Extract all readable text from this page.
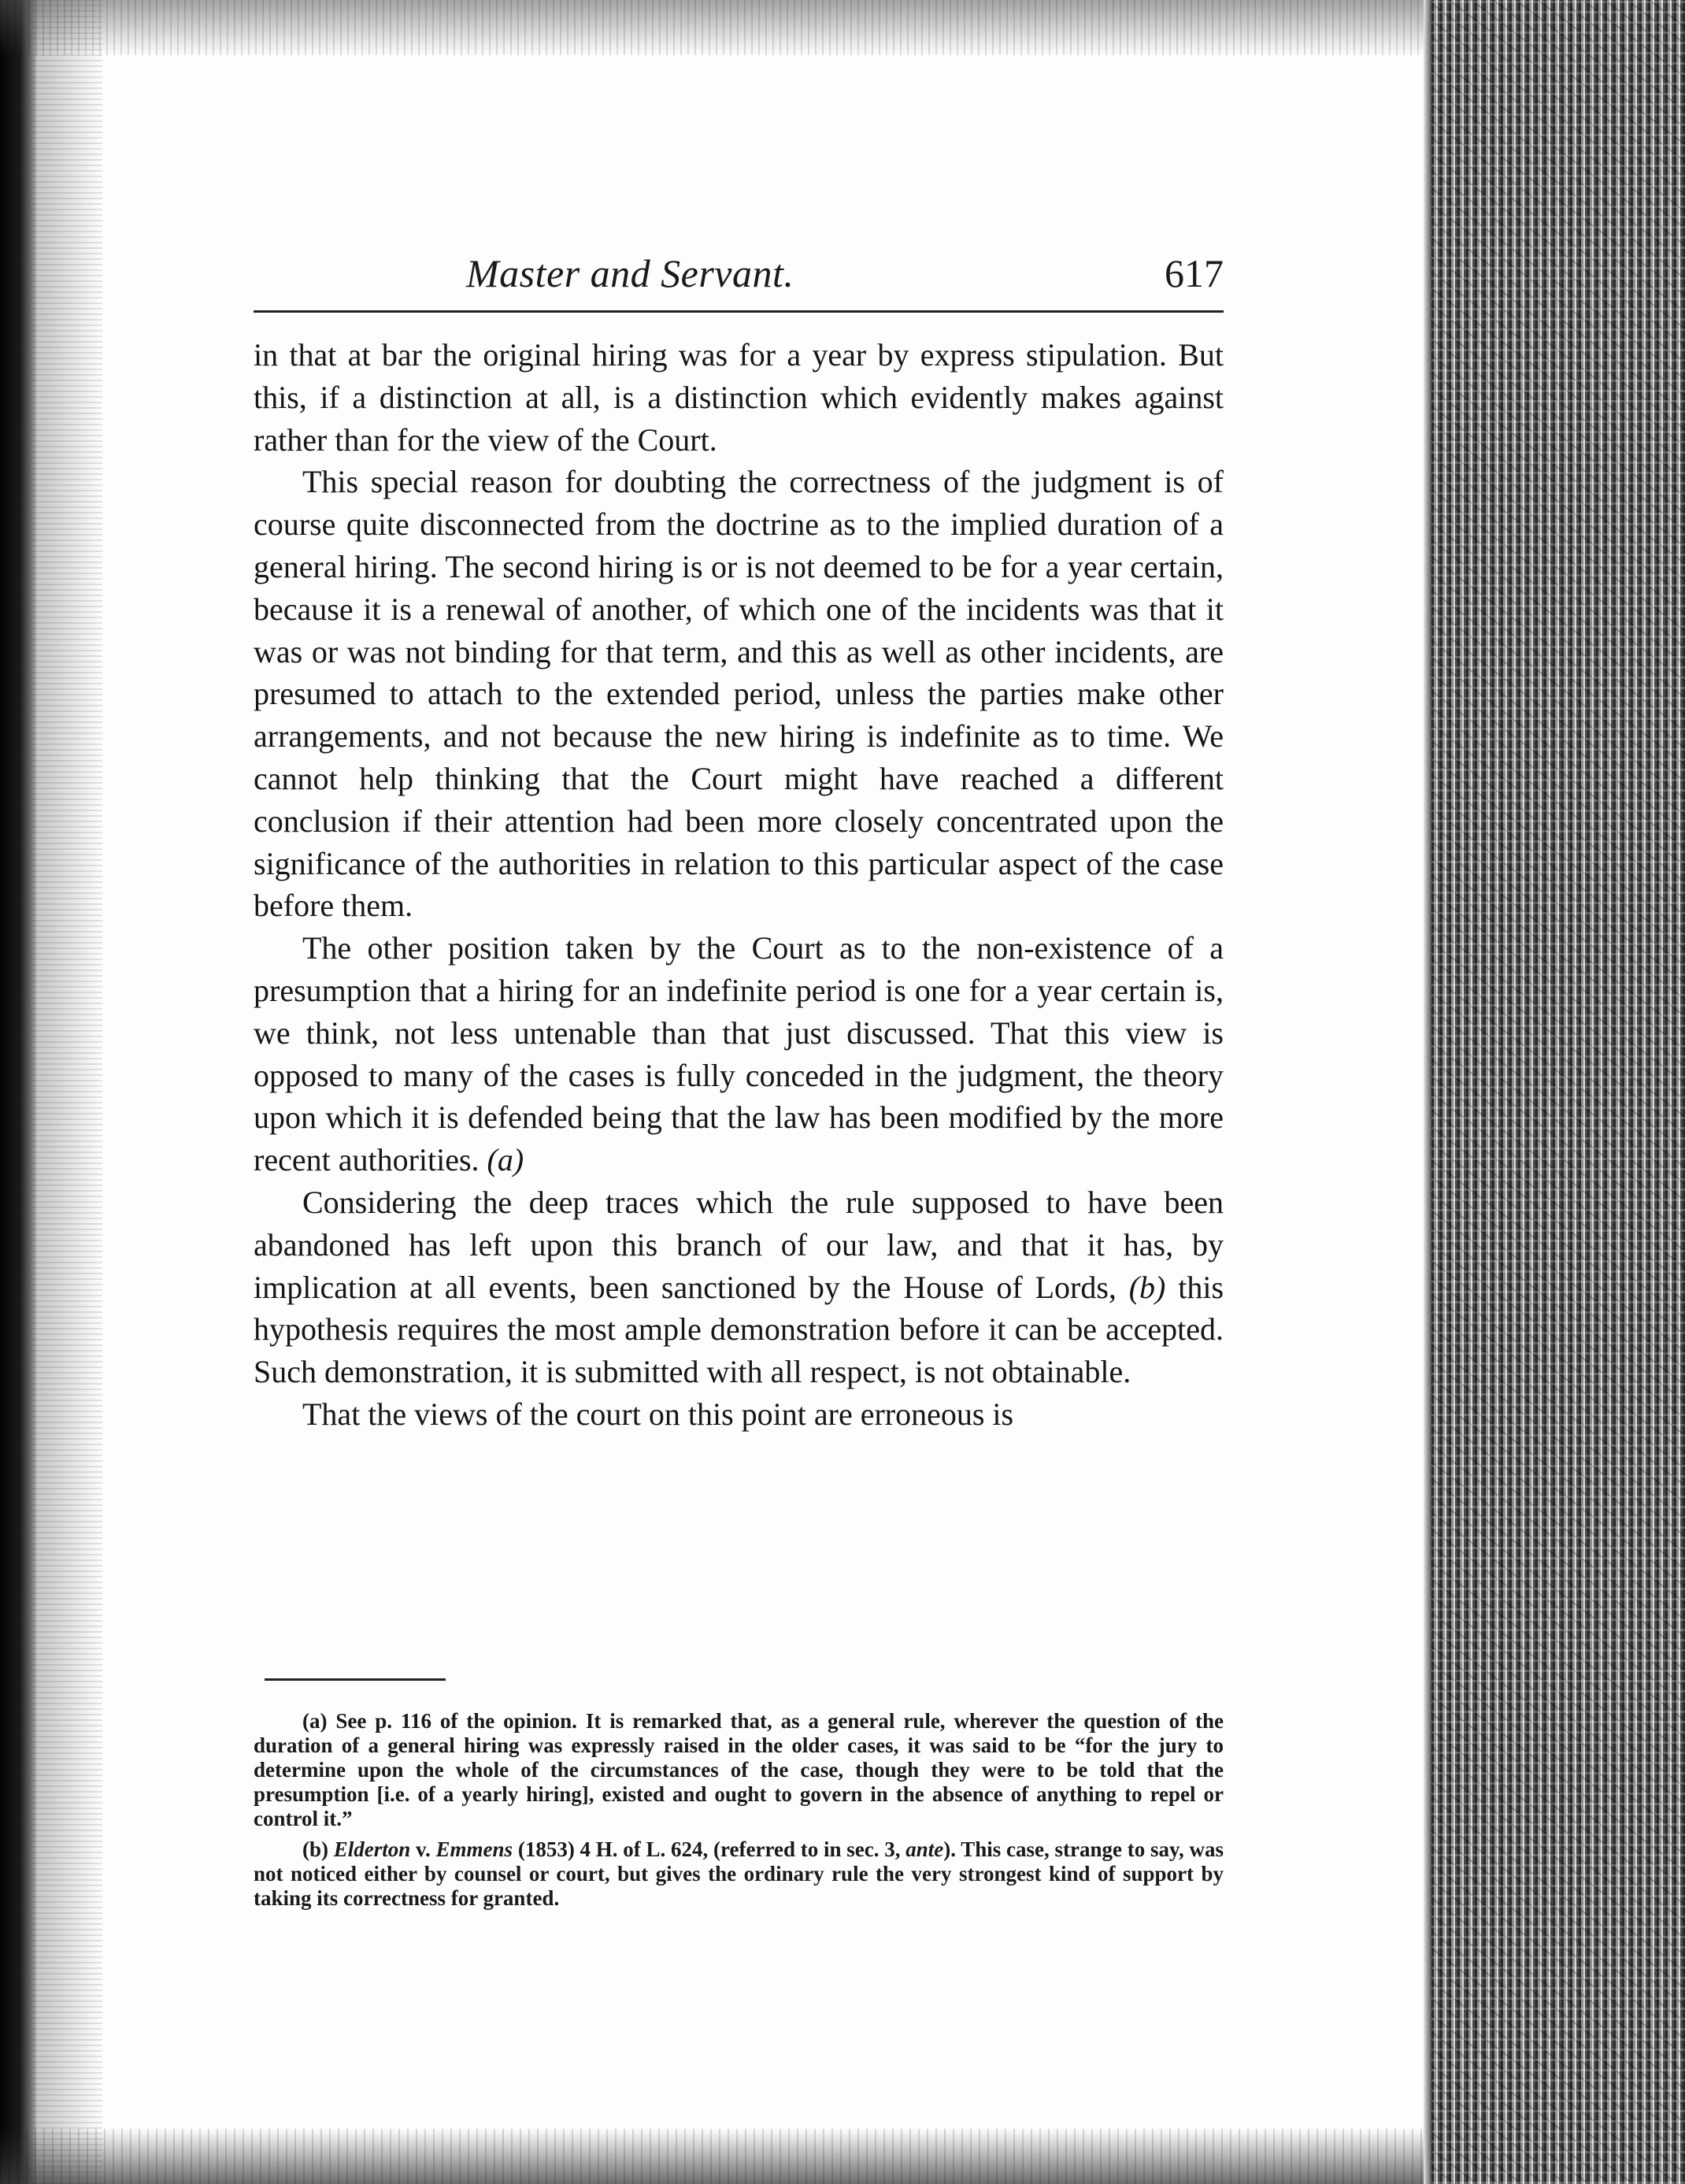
Master and Servant.	617

in that at bar the original hiring was for a year by express stipulation. But this, if a distinction at all, is a distinction which evidently makes against rather than for the view of the Court.

This special reason for doubting the correctness of the judgment is of course quite disconnected from the doctrine as to the implied duration of a general hiring. The second hiring is or is not deemed to be for a year certain, because it is a renewal of another, of which one of the incidents was that it was or was not binding for that term, and this as well as other incidents, are presumed to attach to the extended period, unless the parties make other arrangements, and not because the new hiring is indefinite as to time. We cannot help thinking that the Court might have reached a different conclusion if their attention had been more closely concentrated upon the significance of the authorities in relation to this particular aspect of the case before them.

The other position taken by the Court as to the non-existence of a presumption that a hiring for an indefinite period is one for a year certain is, we think, not less untenable than that just discussed. That this view is opposed to many of the cases is fully conceded in the judgment, the theory upon which it is defended being that the law has been modified by the more recent authorities. (a)

Considering the deep traces which the rule supposed to have been abandoned has left upon this branch of our law, and that it has, by implication at all events, been sanctioned by the House of Lords, (b) this hypothesis requires the most ample demonstration before it can be accepted. Such demonstration, it is submitted with all respect, is not obtainable.

That the views of the court on this point are erroneous is

(a) See p. 116 of the opinion. It is remarked that, as a general rule, wherever the question of the duration of a general hiring was expressly raised in the older cases, it was said to be “for the jury to determine upon the whole of the circumstances of the case, though they were to be told that the presumption [i.e. of a yearly hiring], existed and ought to govern in the absence of anything to repel or control it.”

(b) Elderton v. Emmens (1853) 4 H. of L. 624, (referred to in sec. 3, ante). This case, strange to say, was not noticed either by counsel or court, but gives the ordinary rule the very strongest kind of support by taking its correctness for granted.
